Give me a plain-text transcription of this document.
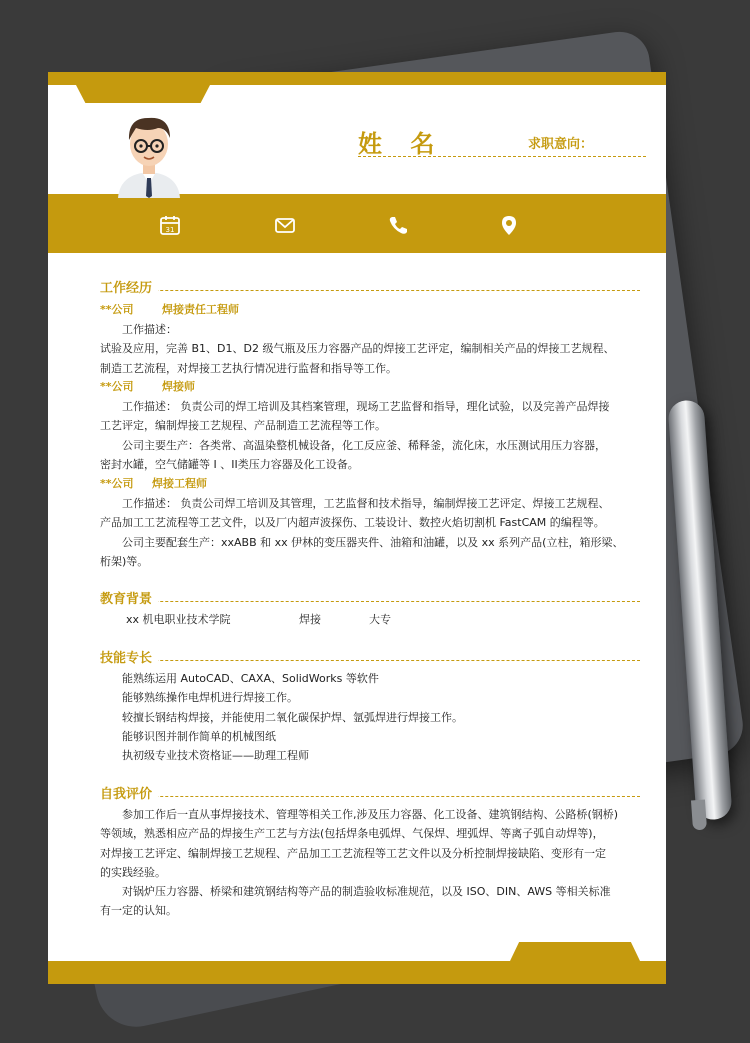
姓 名	求职意向：
31
工作经历
**公司	焊接责任工程师

工作描述：

试验及应用，完善 B1、D1、D2 级气瓶及压力容器产品的焊接工艺评定，编制相关产品的焊接工艺规程、

制造工艺流程，对焊接工艺执行情况进行监督和指导等工作。

**公司	焊接师

工作描述： 负责公司的焊工培训及其档案管理，现场工艺监督和指导，理化试验，以及完善产品焊接

工艺评定，编制焊接工艺规程、产品制造工艺流程等工作。

公司主要生产：各类常、高温染整机械设备，化工反应釜、稀释釜，流化床，水压测试用压力容器，

密封水罐，空气储罐等 I 、II类压力容器及化工设备。

**公司 焊接工程师

工作描述： 负责公司焊工培训及其管理，工艺监督和技术指导，编制焊接工艺评定、焊接工艺规程、

产品加工工艺流程等工艺文件，以及厂内超声波探伤、工装设计、数控火焰切割机 FastCAM 的编程等。

公司主要配套生产：xxABB 和 xx 伊林的变压器夹件、油箱和油罐，以及 xx 系列产品(立柱，箱形梁、

桁架)等。

教育背景
xx 机电职业技术学院	焊接	大专
技能专长

能熟练运用 AutoCAD、CAXA、SolidWorks 等软件

能够熟练操作电焊机进行焊接工作。

较擅长钢结构焊接，并能使用二氧化碳保护焊、氩弧焊进行焊接工作。

能够识图并制作简单的机械图纸

执初级专业技术资格证——助理工程师

自我评价

参加工作后一直从事焊接技术、管理等相关工作,涉及压力容器、化工设备、建筑钢结构、公路桥(钢桥)

等领域，熟悉相应产品的焊接生产工艺与方法(包括焊条电弧焊、气保焊、埋弧焊、等离子弧自动焊等)，

对焊接工艺评定、编制焊接工艺规程、产品加工工艺流程等工艺文件以及分析控制焊接缺陷、变形有一定

的实践经验。

对锅炉压力容器、桥梁和建筑钢结构等产品的制造验收标准规范，以及 ISO、DIN、AWS 等相关标准

有一定的认知。
